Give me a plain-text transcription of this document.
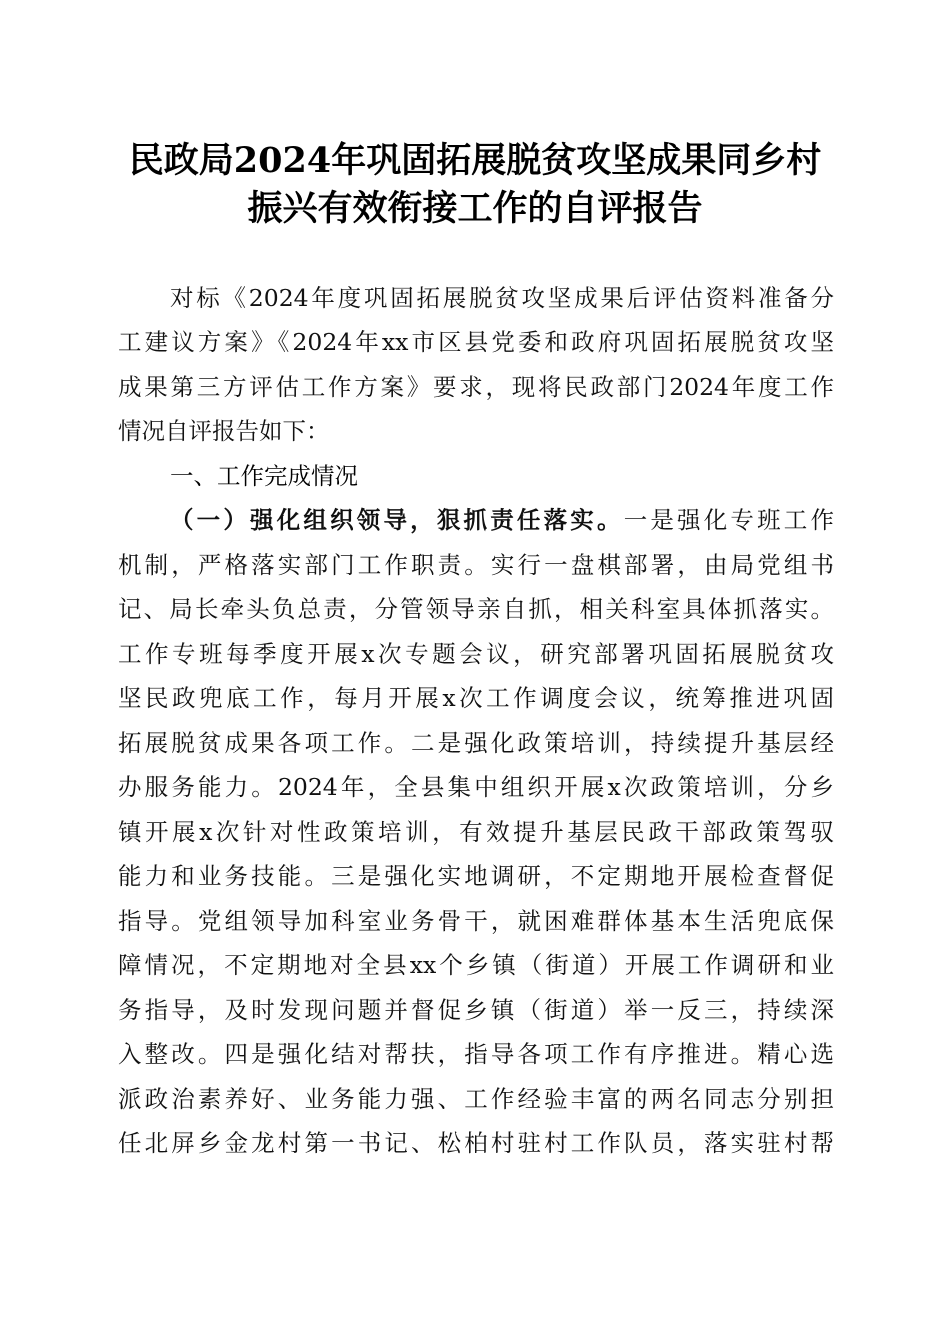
民政局2024年巩固拓展脱贫攻坚成果同乡村
振兴有效衔接工作的自评报告
对标《2024年度巩固拓展脱贫攻坚成果后评估资料准备分
工建议方案》《2024年xx市区县党委和政府巩固拓展脱贫攻坚
成果第三方评估工作方案》要求，现将民政部门2024年度工作
情况自评报告如下：
一、工作完成情况
（一）强化组织领导，狠抓责任落实。一是强化专班工作
机制，严格落实部门工作职责。实行一盘棋部署，由局党组书
记、局长牵头负总责，分管领导亲自抓，相关科室具体抓落实。
工作专班每季度开展x次专题会议，研究部署巩固拓展脱贫攻
坚民政兜底工作，每月开展x次工作调度会议，统筹推进巩固
拓展脱贫成果各项工作。二是强化政策培训，持续提升基层经
办服务能力。2024年，全县集中组织开展x次政策培训，分乡
镇开展x次针对性政策培训，有效提升基层民政干部政策驾驭
能力和业务技能。三是强化实地调研，不定期地开展检查督促
指导。党组领导加科室业务骨干，就困难群体基本生活兜底保
障情况，不定期地对全县xx个乡镇（街道）开展工作调研和业
务指导，及时发现问题并督促乡镇（街道）举一反三，持续深
入整改。四是强化结对帮扶，指导各项工作有序推进。精心选
派政治素养好、业务能力强、工作经验丰富的两名同志分别担
任北屏乡金龙村第一书记、松柏村驻村工作队员，落实驻村帮
